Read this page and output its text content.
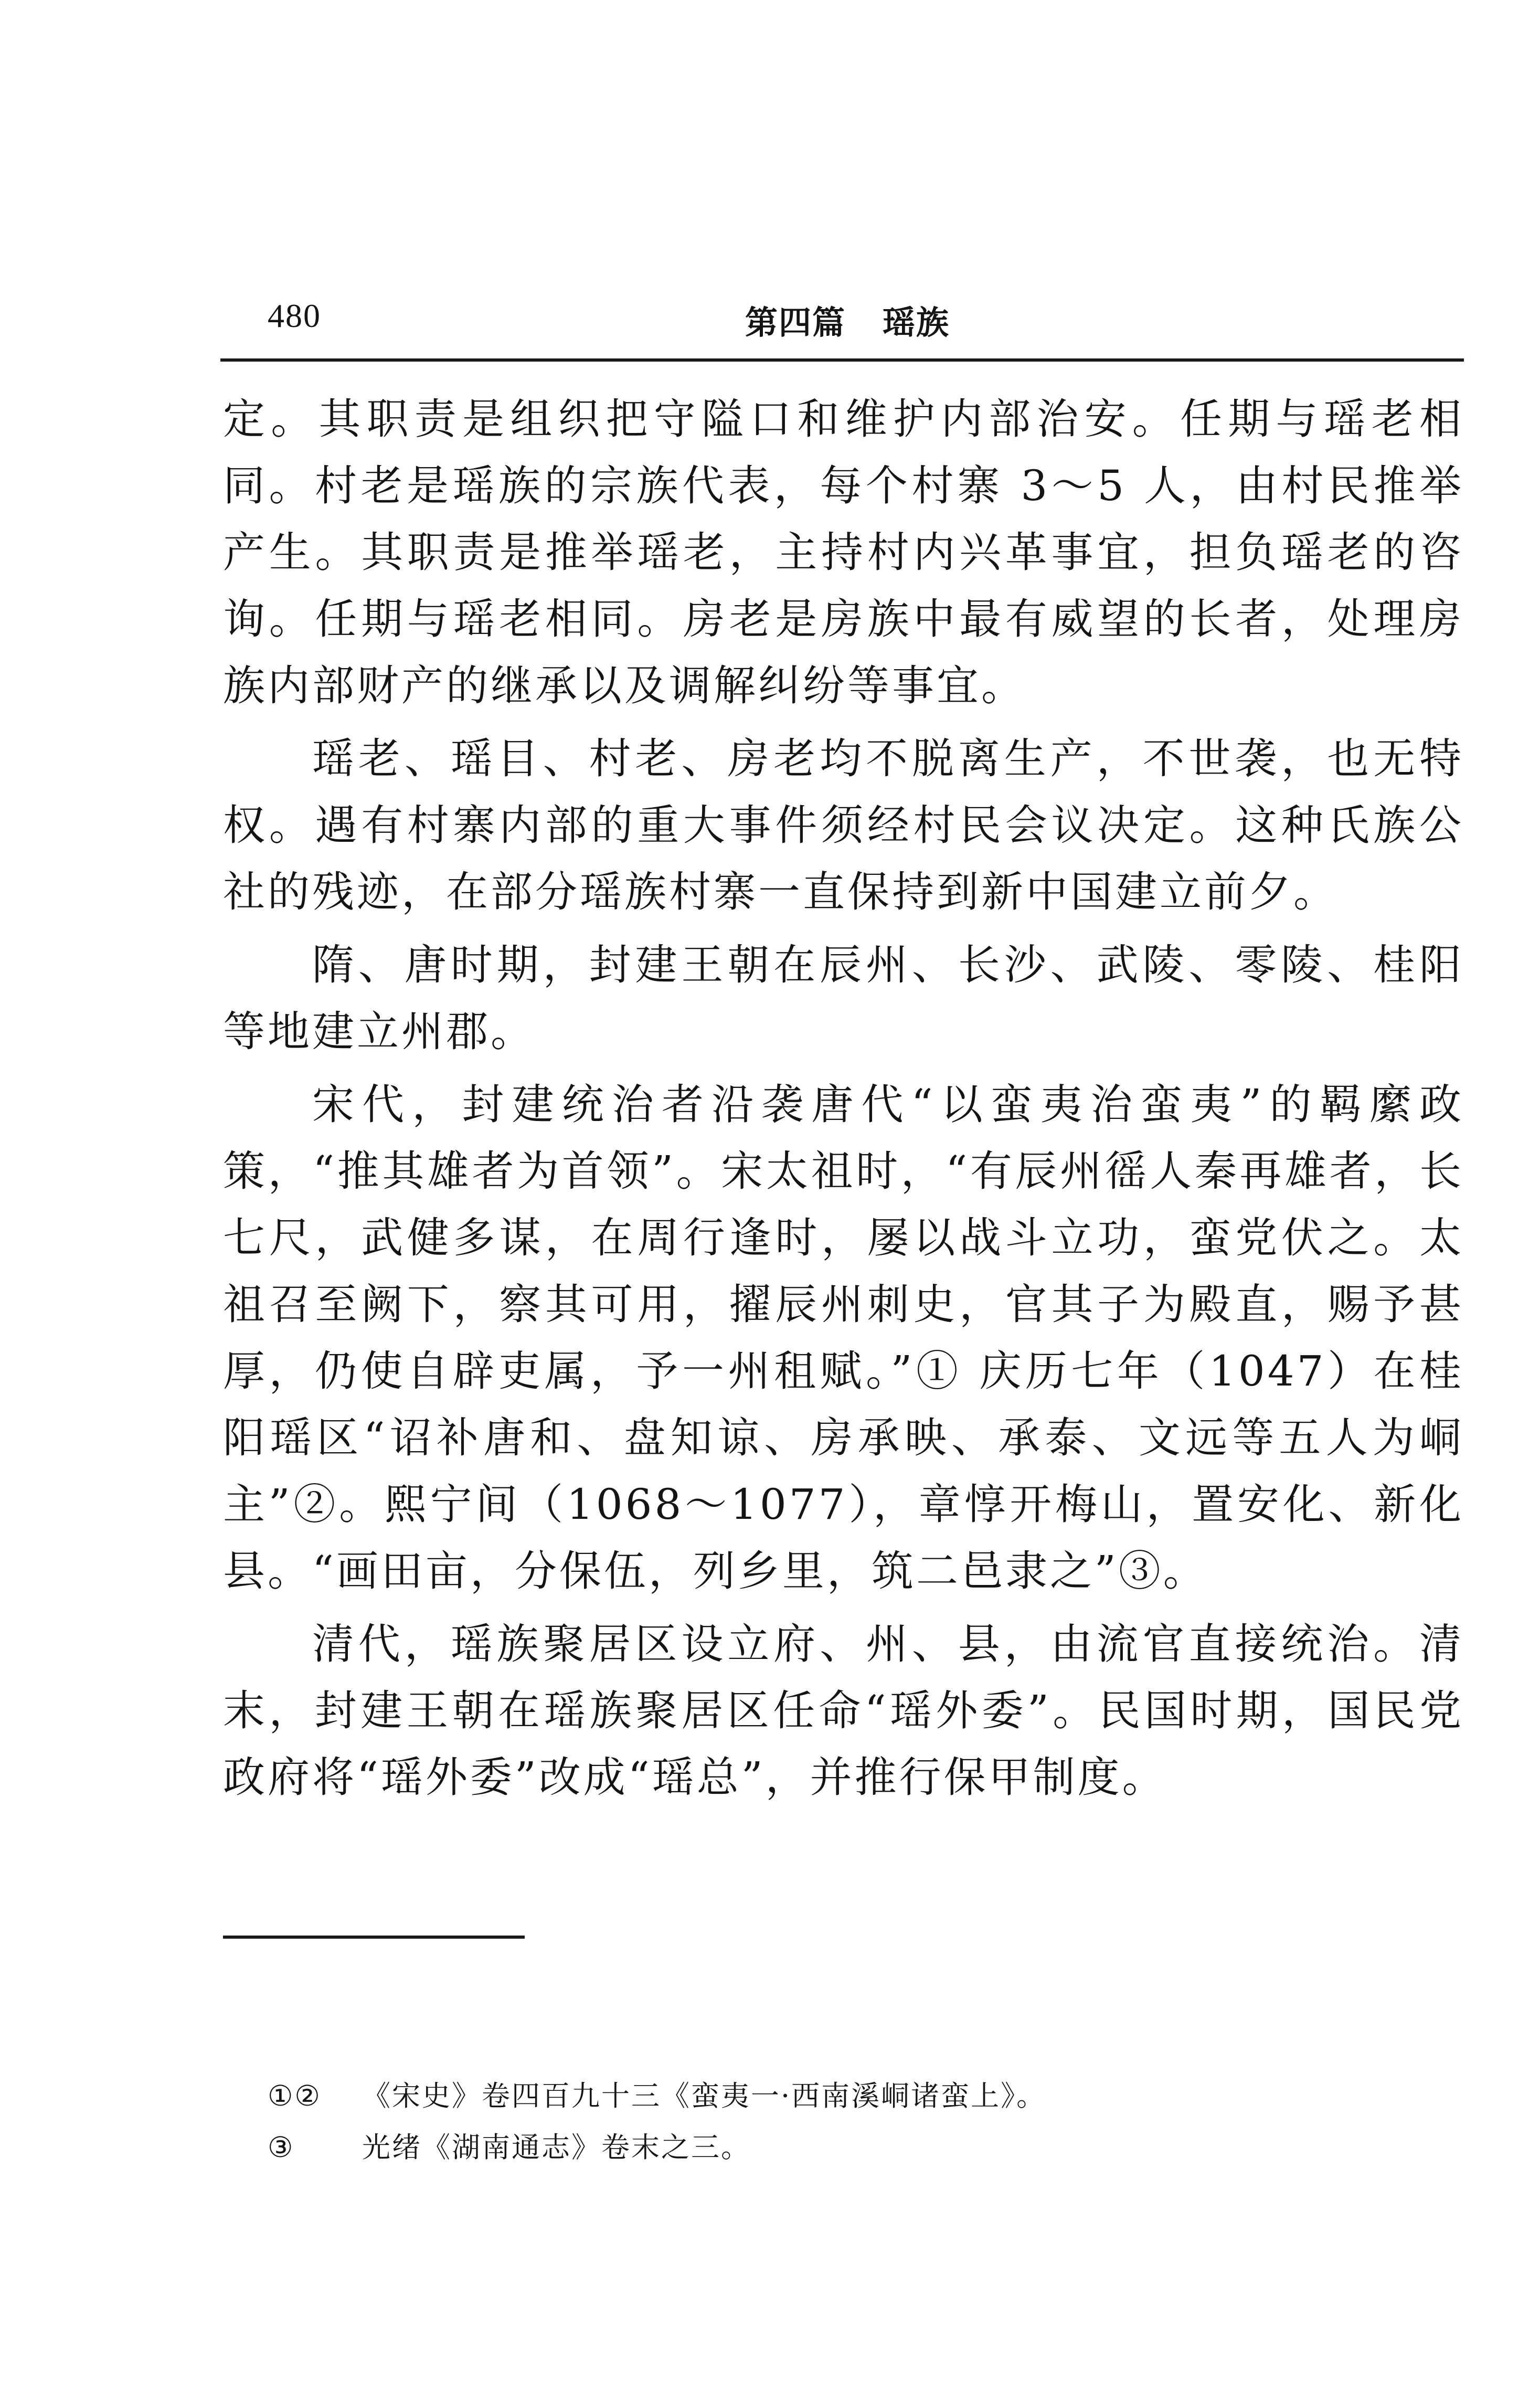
480	第四篇 瑶族

定。其职责是组织把守隘口和维护内部治安。任期与瑶老相同。村老是瑶族的宗族代表，每个村寨 3～5 人，由村民推举产生。其职责是推举瑶老，主持村内兴革事宜，担负瑶老的咨询。任期与瑶老相同。房老是房族中最有威望的长者，处理房族内部财产的继承以及调解纠纷等事宜。

瑶老、瑶目、村老、房老均不脱离生产，不世袭，也无特权。遇有村寨内部的重大事件须经村民会议决定。这种氏族公社的残迹，在部分瑶族村寨一直保持到新中国建立前夕。

隋、唐时期，封建王朝在辰州、长沙、武陵、零陵、桂阳等地建立州郡。

宋代，封建统治者沿袭唐代“以蛮夷治蛮夷”的羁縻政策，“推其雄者为首领”。宋太祖时，“有辰州徭人秦再雄者，长七尺，武健多谋，在周行逢时，屡以战斗立功，蛮党伏之。太祖召至阙下，察其可用，擢辰州刺史，官其子为殿直，赐予甚厚，仍使自辟吏属，予一州租赋。”① 庆历七年（1047）在桂阳瑶区“诏补唐和、盘知谅、房承映、承泰、文远等五人为峒主”②。熙宁间（1068～1077），章惇开梅山，置安化、新化县。“画田亩，分保伍，列乡里，筑二邑隶之”③。

清代，瑶族聚居区设立府、州、县，由流官直接统治。清末，封建王朝在瑶族聚居区任命“瑶外委”。民国时期，国民党政府将“瑶外委”改成“瑶总”，并推行保甲制度。

①② 《宋史》卷四百九十三《蛮夷一·西南溪峒诸蛮上》。
③	光绪《湖南通志》卷末之三。
